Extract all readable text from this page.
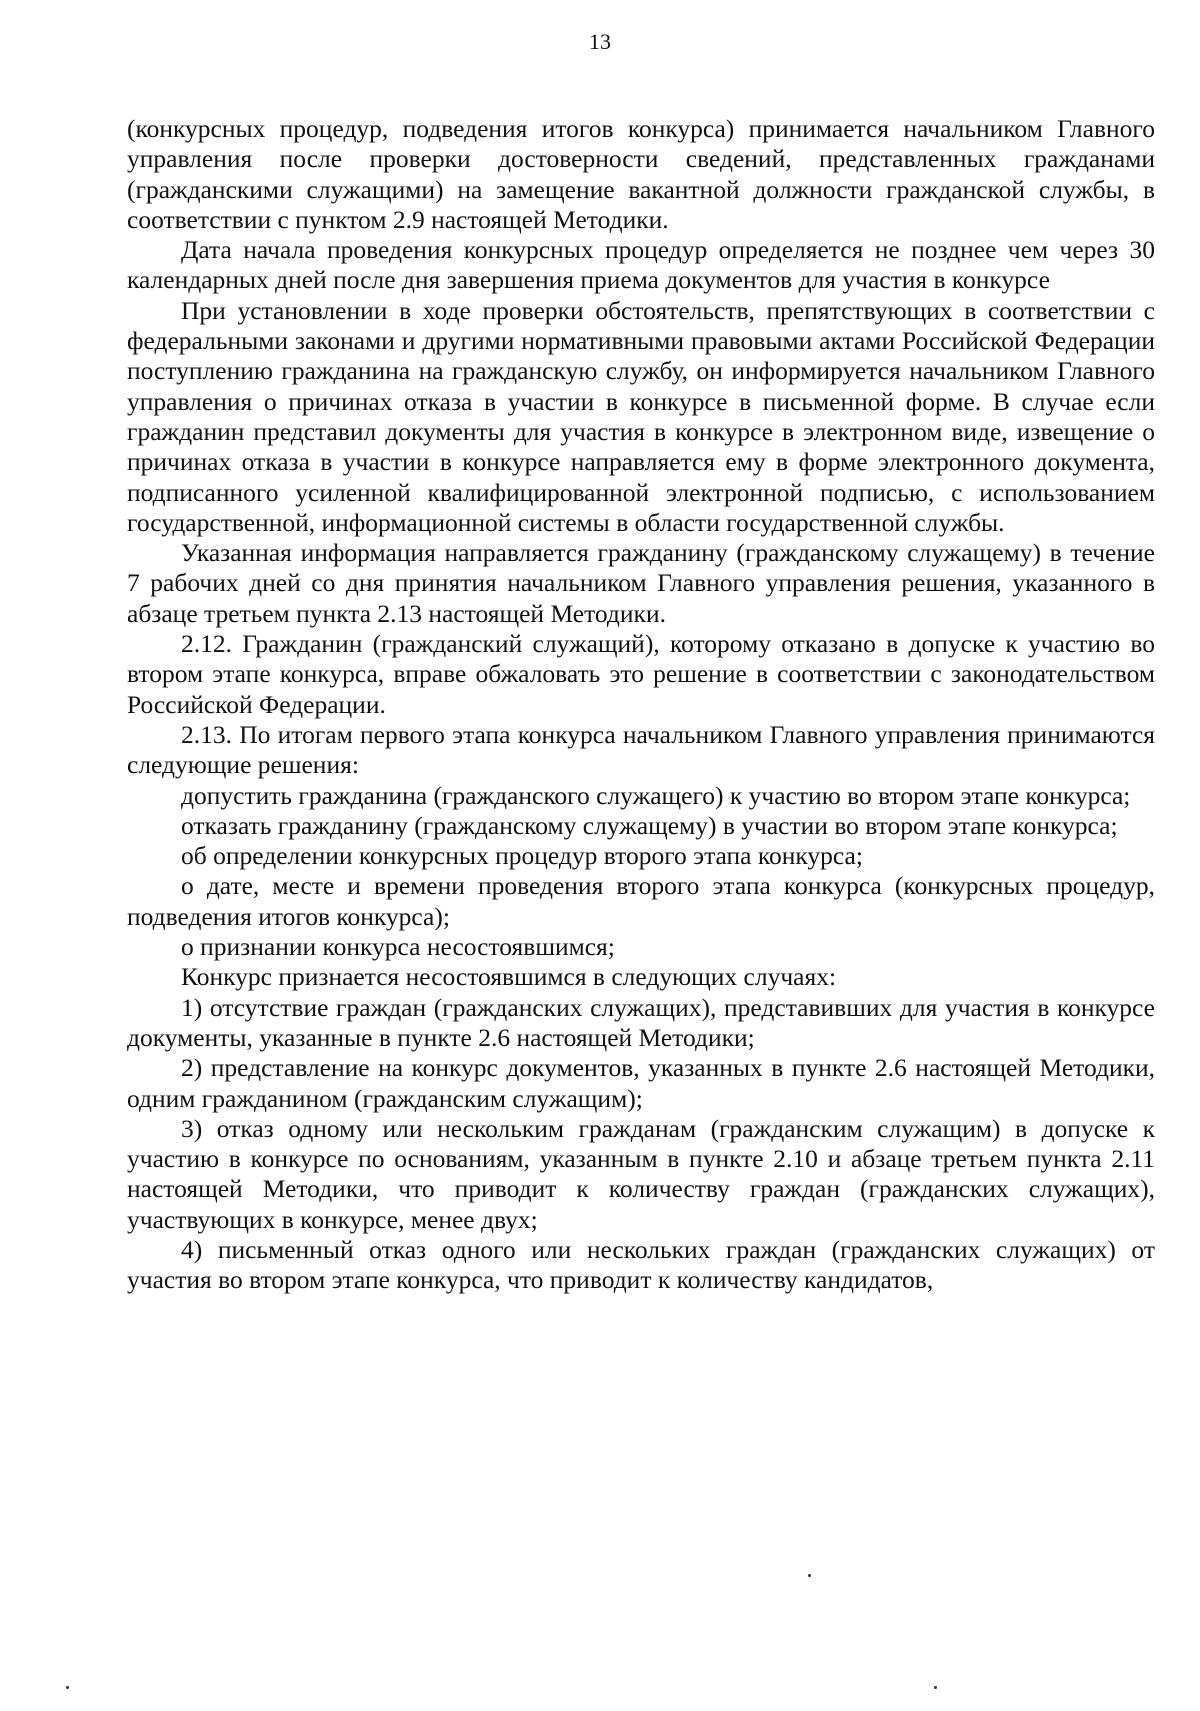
13

(конкурсных процедур, подведения итогов конкурса) принимается начальником Главного управления после проверки достоверности сведений, представленных гражданами (гражданскими служащими) на замещение вакантной должности гражданской службы, в соответствии с пунктом 2.9 настоящей Методики.

Дата начала проведения конкурсных процедур определяется не позднее чем через 30 календарных дней после дня завершения приема документов для участия в конкурсе

При установлении в ходе проверки обстоятельств, препятствующих в соответствии с федеральными законами и другими нормативными правовыми актами Российской Федерации поступлению гражданина на гражданскую службу, он информируется начальником Главного управления о причинах отказа в участии в конкурсе в письменной форме. В случае если гражданин представил документы для участия в конкурсе в электронном виде, извещение о причинах отказа в участии в конкурсе направляется ему в форме электронного документа, подписанного усиленной квалифицированной электронной подписью, с использованием государственной, информационной системы в области государственной службы.

Указанная информация направляется гражданину (гражданскому служащему) в течение 7 рабочих дней со дня принятия начальником Главного управления решения, указанного в абзаце третьем пункта 2.13 настоящей Методики.

2.12. Гражданин (гражданский служащий), которому отказано в допуске к участию во втором этапе конкурса, вправе обжаловать это решение в соответствии с законодательством Российской Федерации.

2.13. По итогам первого этапа конкурса начальником Главного управления принимаются следующие решения:

допустить гражданина (гражданского служащего) к участию во втором этапе конкурса;

отказать гражданину (гражданскому служащему) в участии во втором этапе конкурса;

об определении конкурсных процедур второго этапа конкурса;

о дате, месте и времени проведения второго этапа конкурса (конкурсных процедур, подведения итогов конкурса);

о признании конкурса несостоявшимся;

Конкурс признается несостоявшимся в следующих случаях:

1) отсутствие граждан (гражданских служащих), представивших для участия в конкурсе документы, указанные в пункте 2.6 настоящей Методики;

2) представление на конкурс документов, указанных в пункте 2.6 настоящей Методики, одним гражданином (гражданским служащим);

3) отказ одному или нескольким гражданам (гражданским служащим) в допуске к участию в конкурсе по основаниям, указанным в пункте 2.10 и абзаце третьем пункта 2.11 настоящей Методики, что приводит к количеству граждан (гражданских служащих), участвующих в конкурсе, менее двух;

4) письменный отказ одного или нескольких граждан (гражданских служащих) от участия во втором этапе конкурса, что приводит к количеству кандидатов,
